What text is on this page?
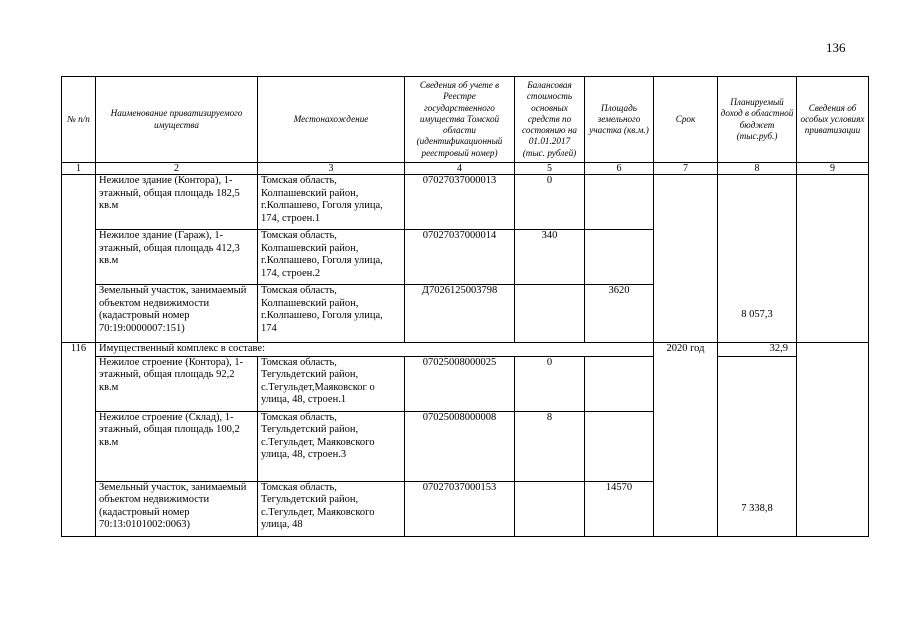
136
№ п/п	Наименование приватизируемого имущества	Местонахождение	Сведения об учете в Реестре государственного имущества Томской области (идентификационный реестровый номер)	Балансовая стоимость основных средств по состоянию на 01.01.2017 (тыс. рублей)	Площадь земельного участка (кв.м.)	Срок	Планируемый доход в областной бюджет (тыс.руб.)	Сведения об особых условиях приватизации
1	2	3	4	5	6	7	8	9
	Нежилое здание (Контора), 1-этажный, общая площадь 182,5 кв.м	Томская область, Колпашевский район, г.Колпашево, Гоголя улица, 174, строен.1	07027037000013	0			8 057,3	

	Нежилое здание (Гараж), 1-этажный, общая площадь 412,3 кв.м	Томская область, Колпашевский район, г.Колпашево, Гоголя улица, 174, строен.2	07027037000014	340				
	Земельный участок, занимаемый объектом недвижимости (кадастровый номер 70:19:0000007:151)	Томская область, Колпашевский район, г.Колпашево, Гоголя улица, 174	Д7026125003798		3620			
116	Имущественный комплекс в составе:					2020 год	32,9	
	Нежилое строение (Контора), 1-этажный, общая площадь 92,2 кв.м	Томская область, Тегульдетский район, с.Тегульдет,Маяковског о улица, 48, строен.1	07025008000025	0			7 338,8	

	Нежилое строение (Склад), 1-этажный, общая площадь 100,2 кв.м	Томская область, Тегульдетский район, с.Тегульдет, Маяковского улица, 48, строен.3	07025008000008	8				
	Земельный участок, занимаемый объектом недвижимости (кадастровый номер 70:13:0101002:0063)	Томская область, Тегульдетский район, с.Тегульдет, Маяковского улица, 48	07027037000153		14570			
